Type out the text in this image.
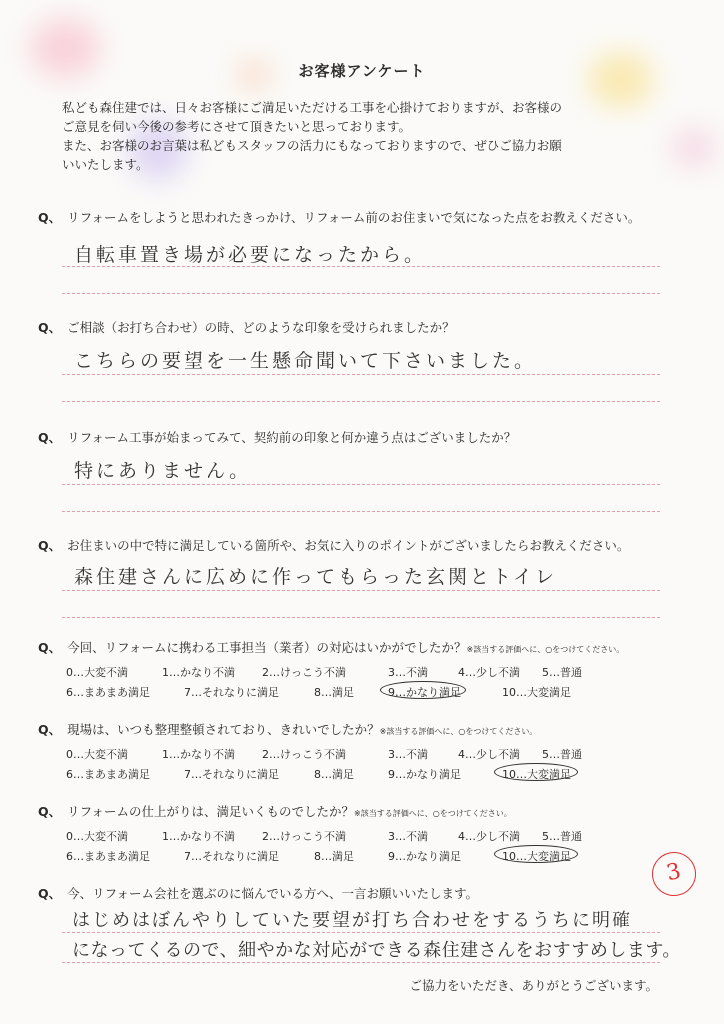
お客様アンケート
私ども森住建では、日々お客様にご満足いただける工事を心掛けておりますが、お客様の
ご意見を伺い今後の参考にさせて頂きたいと思っております。
また、お客様のお言葉は私どもスタッフの活力にもなっておりますので、ぜひご協力お願
いいたします。
Q、 リフォームをしようと思われたきっかけ、リフォーム前のお住まいで気になった点をお教えください。
自転車置き場が必要になったから。
Q、 ご相談（お打ち合わせ）の時、どのような印象を受けられましたか？
こちらの要望を一生懸命聞いて下さいました。
Q、 リフォーム工事が始まってみて、契約前の印象と何か違う点はございましたか？
特にありません。
Q、 お住まいの中で特に満足している箇所や、お気に入りのポイントがございましたらお教えください。
森住建さんに広めに作ってもらった玄関とトイレ
Q、 今回、リフォームに携わる工事担当（業者）の対応はいかがでしたか？※該当する評価へに、○をつけてください。
0…大変不満	1…かなり不満 2…けっこう不満	3…不満	4…少し不満 5…普通
6…まあまあ満足	7…それなりに満足	8…満足	9…かなり満足	10…大変満足
Q、 現場は、いつも整理整頓されており、きれいでしたか？※該当する評価へに、○をつけてください。
0…大変不満	1…かなり不満 2…けっこう不満	3…不満	4…少し不満 5…普通
6…まあまあ満足	7…それなりに満足	8…満足	9…かなり満足	10…大変満足
Q、 リフォームの仕上がりは、満足いくものでしたか？※該当する評価へに、○をつけてください。
0…大変不満	1…かなり不満 2…けっこう不満	3…不満	4…少し不満 5…普通
6…まあまあ満足	7…それなりに満足	8…満足	9…かなり満足	10…大変満足
3
Q、 今、リフォーム会社を選ぶのに悩んでいる方へ、一言お願いいたします。
はじめはぼんやりしていた要望が打ち合わせをするうちに明確
になってくるので、細やかな対応ができる森住建さんをおすすめします。
ご協力をいただき、ありがとうございます。
